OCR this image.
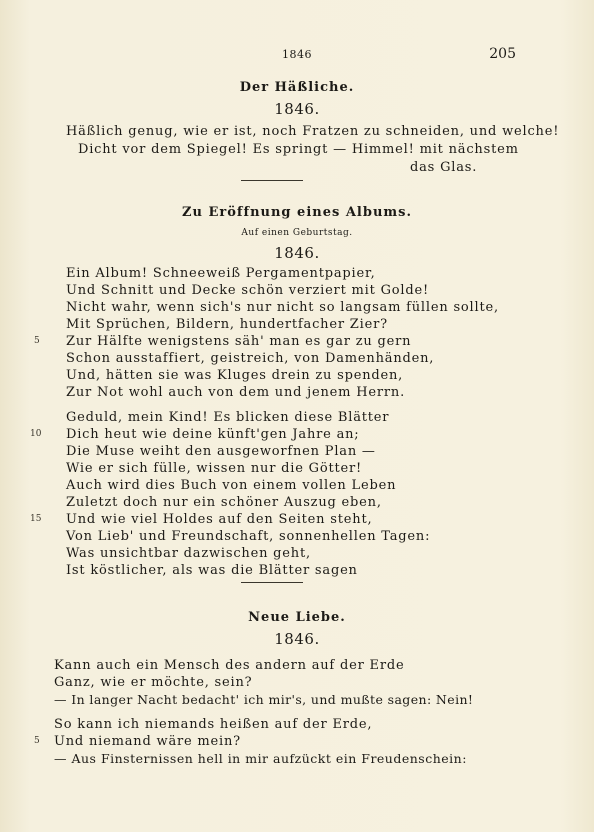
1846	205
Der Häßliche.
1846.
Häßlich genug, wie er ist, noch Fratzen zu schneiden, und welche!
Dicht vor dem Spiegel! Es springt — Himmel! mit nächstem
das Glas.
Zu Eröffnung eines Albums.
Auf einen Geburtstag.
1846.
Ein Album! Schneeweiß Pergamentpapier,
Und Schnitt und Decke schön verziert mit Golde!
Nicht wahr, wenn sich's nur nicht so langsam füllen sollte,
Mit Sprüchen, Bildern, hundertfacher Zier?
5 Zur Hälfte wenigstens säh' man es gar zu gern
Schon ausstaffiert, geistreich, von Damenhänden,
Und, hätten sie was Kluges drein zu spenden,
Zur Not wohl auch von dem und jenem Herrn.
Geduld, mein Kind! Es blicken diese Blätter
10 Dich heut wie deine künft'gen Jahre an;
Die Muse weiht den ausgeworfnen Plan —
Wie er sich fülle, wissen nur die Götter!
Auch wird dies Buch von einem vollen Leben
Zuletzt doch nur ein schöner Auszug eben,
15 Und wie viel Holdes auf den Seiten steht,
Von Lieb' und Freundschaft, sonnenhellen Tagen:
Was unsichtbar dazwischen geht,
Ist köstlicher, als was die Blätter sagen
Neue Liebe.
1846.
Kann auch ein Mensch des andern auf der Erde
Ganz, wie er möchte, sein?
— In langer Nacht bedacht' ich mir's, und mußte sagen: Nein!
So kann ich niemands heißen auf der Erde,
5 Und niemand wäre mein?
— Aus Finsternissen hell in mir aufzückt ein Freudenschein:
